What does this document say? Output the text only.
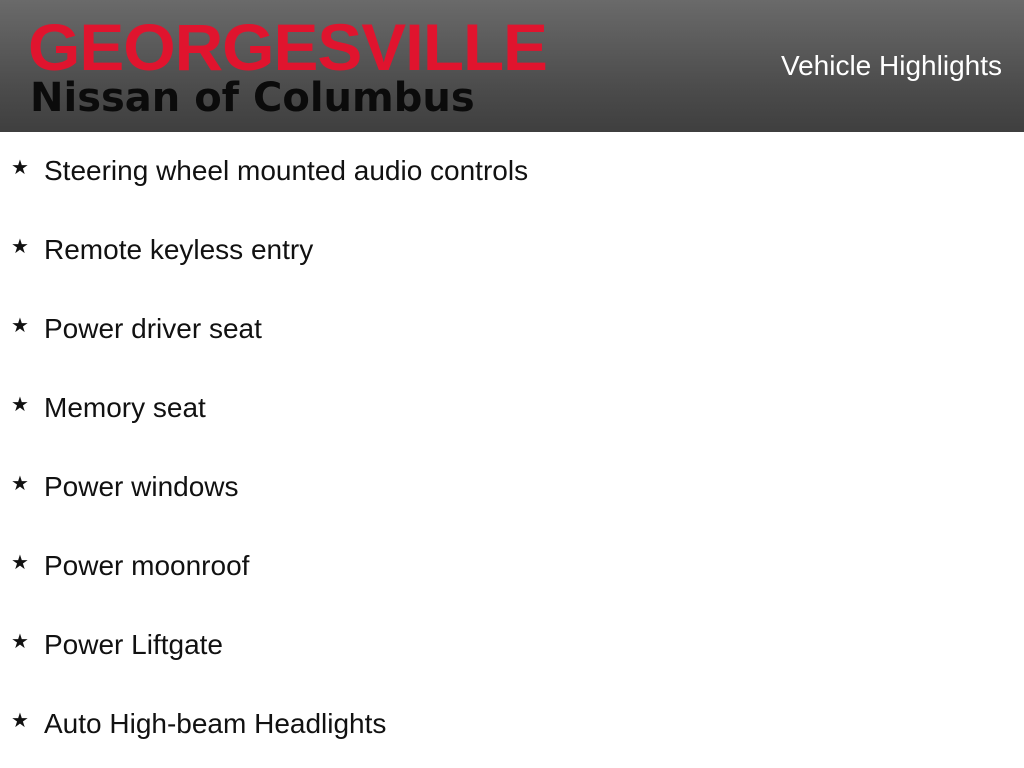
GEORGESVILLE
Nissan of Columbus
Vehicle Highlights
★ Steering wheel mounted audio controls
★ Remote keyless entry
★ Power driver seat
★ Memory seat
★ Power windows
★ Power moonroof
★ Power Liftgate
★ Auto High-beam Headlights
